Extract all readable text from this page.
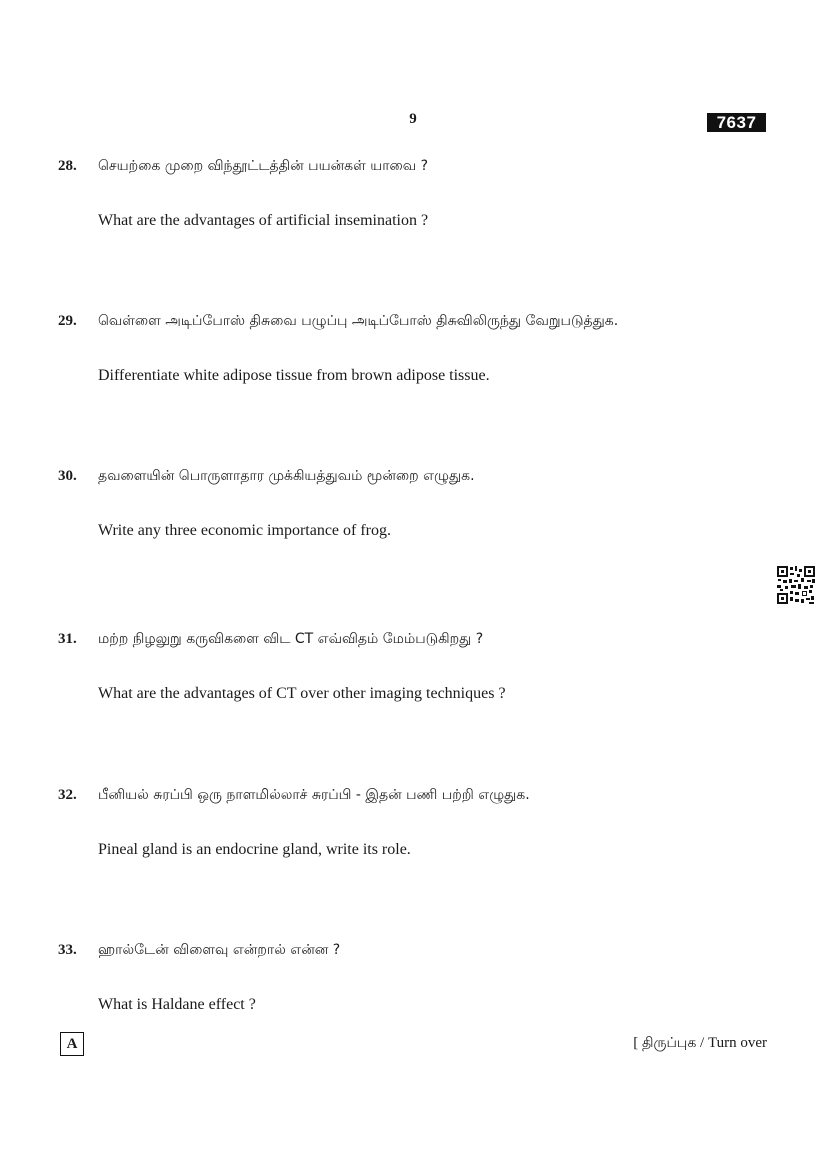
9	7637
28. செயற்கை முறை விந்தூட்டத்தின் பயன்கள் யாவை ?
What are the advantages of artificial insemination ?
29. வெள்ளை அடிப்போஸ் திசுவை பழுப்பு அடிப்போஸ் திசுவிலிருந்து வேறுபடுத்துக.
Differentiate white adipose tissue from brown adipose tissue.
30. தவளையின் பொருளாதார முக்கியத்துவம் மூன்றை எழுதுக.
Write any three economic importance of frog.
31. மற்ற நிழலுறு கருவிகளை விட CT எவ்விதம் மேம்படுகிறது ?
What are the advantages of CT over other imaging techniques ?
32. பீனியல் சுரப்பி ஒரு நாளமில்லாச் சுரப்பி - இதன் பணி பற்றி எழுதுக.
Pineal gland is an endocrine gland, write its role.
33. ஹால்டேன் விளைவு என்றால் என்ன ?
What is Haldane effect ?
A	[ திருப்புக / Turn over
